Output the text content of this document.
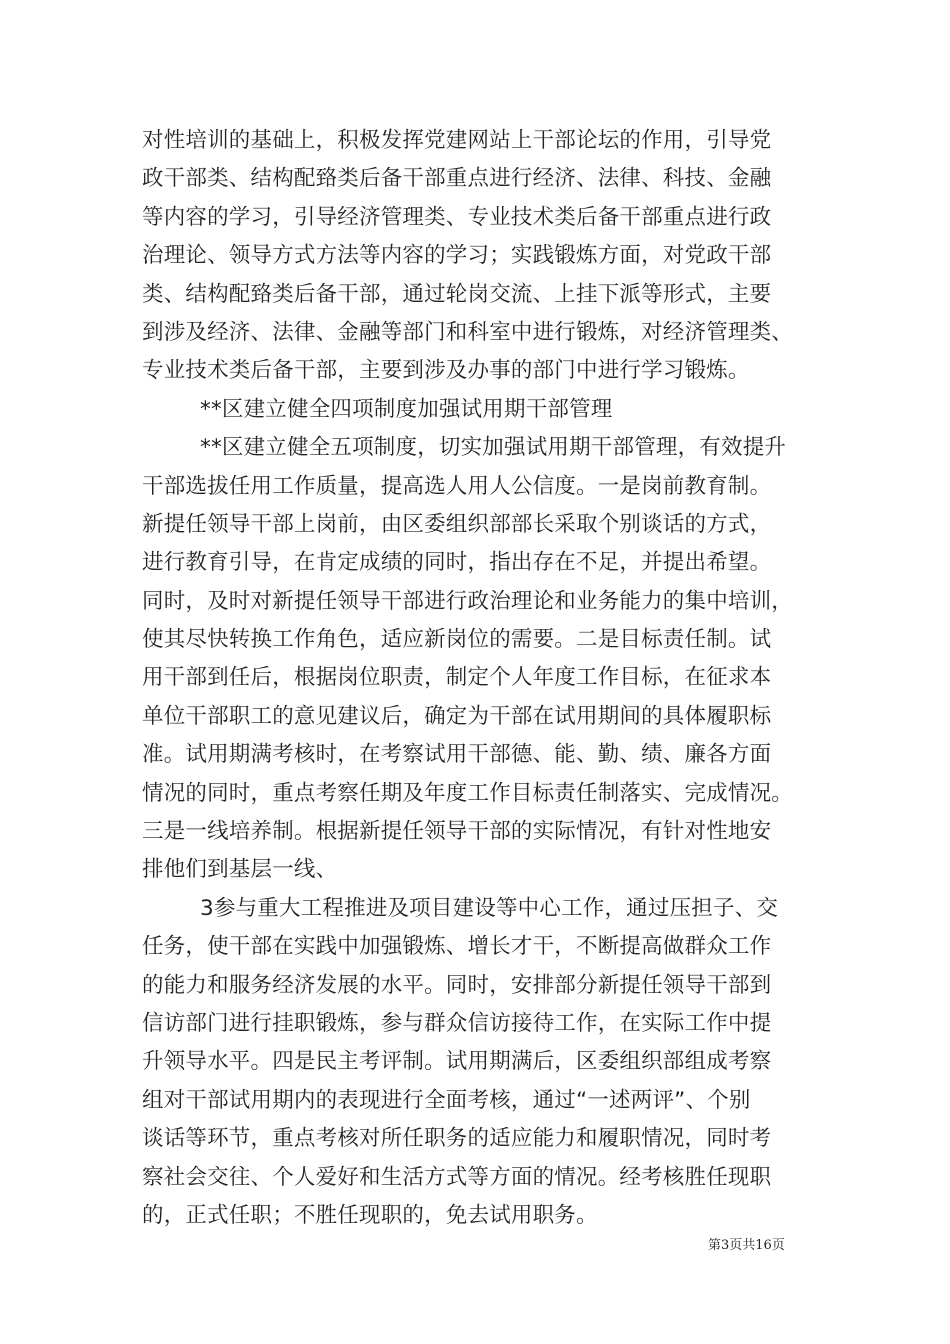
对性培训的基础上，积极发挥党建网站上干部论坛的作用，引导党
政干部类、结构配臵类后备干部重点进行经济、法律、科技、金融
等内容的学习，引导经济管理类、专业技术类后备干部重点进行政
治理论、领导方式方法等内容的学习；实践锻炼方面，对党政干部
类、结构配臵类后备干部，通过轮岗交流、上挂下派等形式，主要
到涉及经济、法律、金融等部门和科室中进行锻炼，对经济管理类、
专业技术类后备干部，主要到涉及办事的部门中进行学习锻炼。
**区建立健全四项制度加强试用期干部管理
**区建立健全五项制度，切实加强试用期干部管理，有效提升
干部选拔任用工作质量，提高选人用人公信度。一是岗前教育制。
新提任领导干部上岗前，由区委组织部部长采取个别谈话的方式，
进行教育引导，在肯定成绩的同时，指出存在不足，并提出希望。
同时，及时对新提任领导干部进行政治理论和业务能力的集中培训，
使其尽快转换工作角色，适应新岗位的需要。二是目标责任制。试
用干部到任后，根据岗位职责，制定个人年度工作目标，在征求本
单位干部职工的意见建议后，确定为干部在试用期间的具体履职标
准。试用期满考核时，在考察试用干部德、能、勤、绩、廉各方面
情况的同时，重点考察任期及年度工作目标责任制落实、完成情况。
三是一线培养制。根据新提任领导干部的实际情况，有针对性地安
排他们到基层一线、
3参与重大工程推进及项目建设等中心工作，通过压担子、交
任务，使干部在实践中加强锻炼、增长才干，不断提高做群众工作
的能力和服务经济发展的水平。同时，安排部分新提任领导干部到
信访部门进行挂职锻炼，参与群众信访接待工作，在实际工作中提
升领导水平。四是民主考评制。试用期满后，区委组织部组成考察
组对干部试用期内的表现进行全面考核，通过“一述两评”、个别
谈话等环节，重点考核对所任职务的适应能力和履职情况，同时考
察社会交往、个人爱好和生活方式等方面的情况。经考核胜任现职
的，正式任职；不胜任现职的，免去试用职务。
第3页共16页
